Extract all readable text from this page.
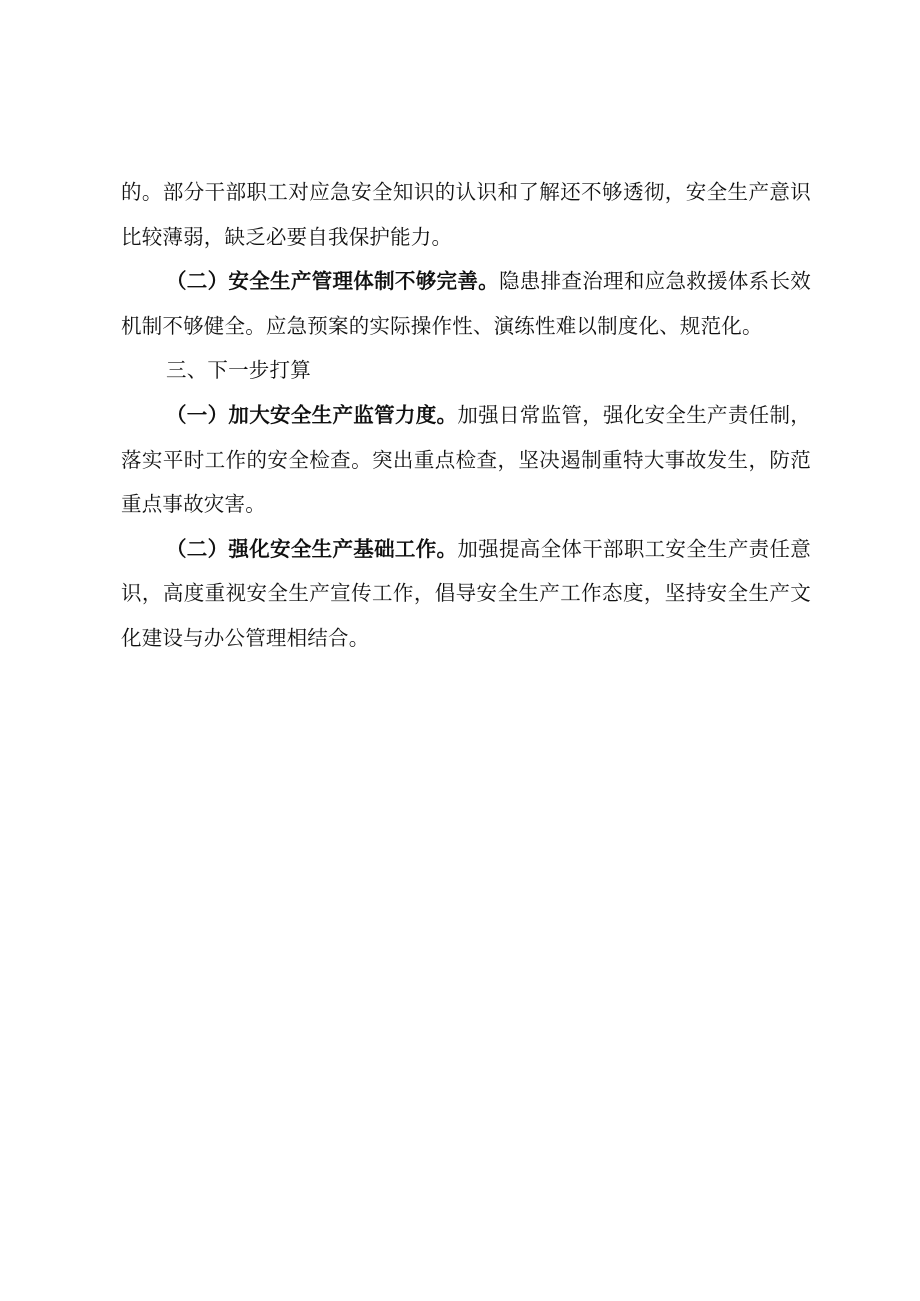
的。部分干部职工对应急安全知识的认识和了解还不够透彻，安全生产意识比较薄弱，缺乏必要自我保护能力。

（二）安全生产管理体制不够完善。隐患排查治理和应急救援体系长效机制不够健全。应急预案的实际操作性、演练性难以制度化、规范化。

三、下一步打算

（一）加大安全生产监管力度。加强日常监管，强化安全生产责任制，落实平时工作的安全检查。突出重点检查，坚决遏制重特大事故发生，防范重点事故灾害。

（二）强化安全生产基础工作。加强提高全体干部职工安全生产责任意识，高度重视安全生产宣传工作，倡导安全生产工作态度，坚持安全生产文化建设与办公管理相结合。
